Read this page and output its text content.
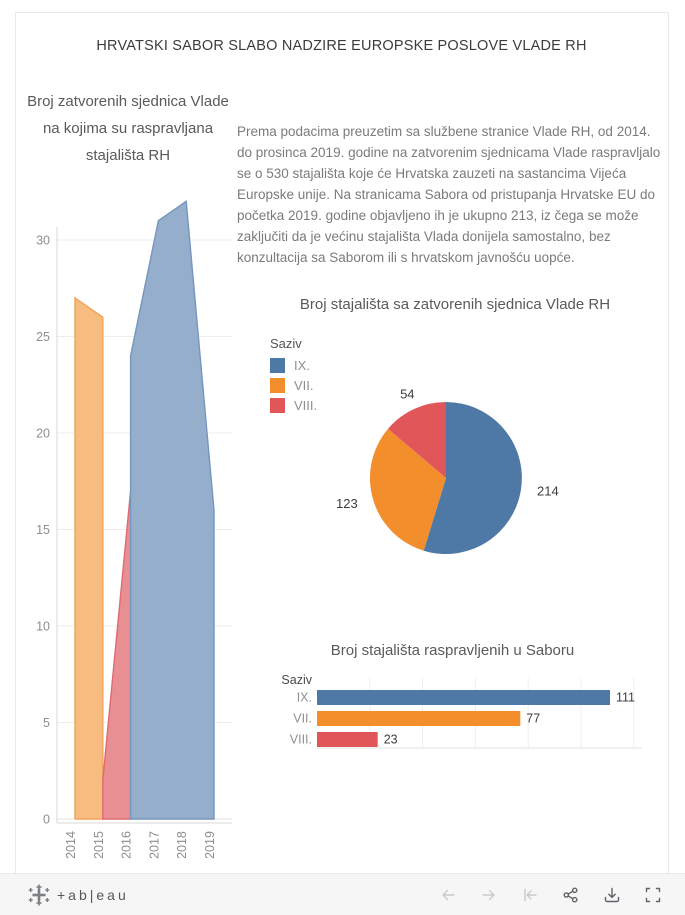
HRVATSKI SABOR SLABO NADZIRE EUROPSKE POSLOVE VLADE RH
Broj zatvorenih sjednica Vlade na kojima su raspravljana stajališta RH
0
5
10
15
20
25
30
2014 2015 2016 2017 2018 2019
Prema podacima preuzetim sa službene stranice Vlade RH, od 2014. do prosinca 2019. godine na zatvorenim sjednicama Vlade raspravljalo se o 530 stajališta koje će Hrvatska zauzeti na sastancima Vijeća Europske unije. Na stranicama Sabora od pristupanja Hrvatske EU do početka 2019. godine objavljeno ih je ukupno 213, iz čega se može zaključiti da je većinu stajališta Vlada donijela samostalno, bez konzultacija sa Saborom ili s hrvatskom javnošću uopće.
Broj stajališta sa zatvorenih sjednica Vlade RH
Saziv
IX.
VII.
VIII.
214
123
54
Broj stajališta raspravljenih u Saboru
Saziv
IX.	111
VII.	77
VIII.	23
+ab|eau
